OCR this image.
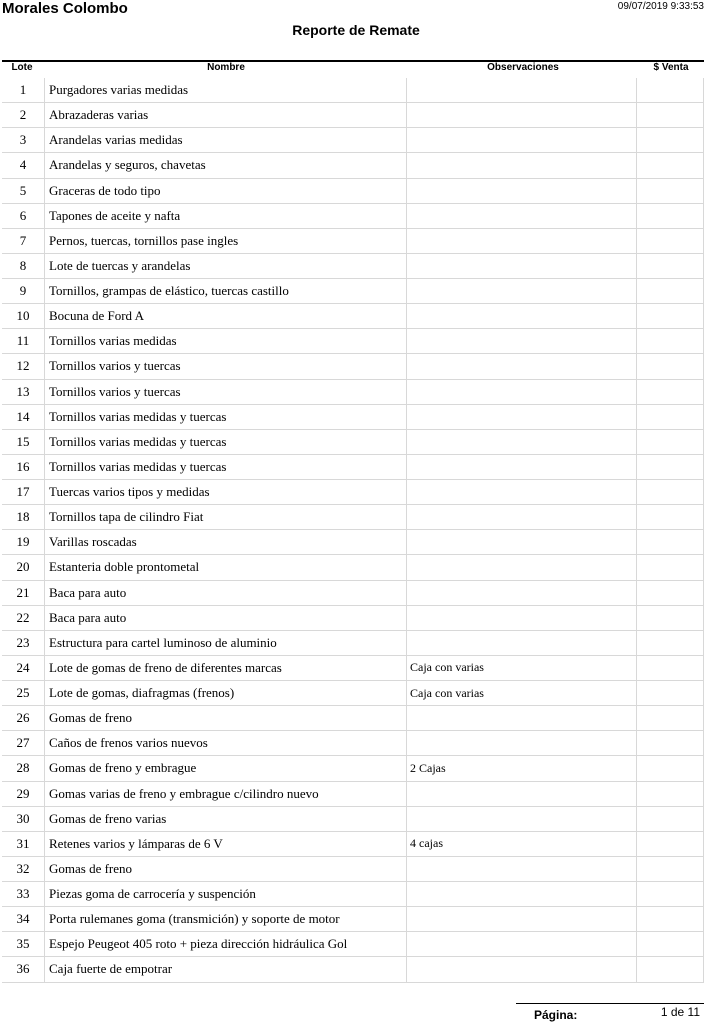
Morales Colombo	09/07/2019 9:33:53
Reporte de Remate
Lote	Nombre	Observaciones	$ Venta
1	Purgadores varias medidas
2	Abrazaderas varias
3	Arandelas varias medidas
4	Arandelas y seguros, chavetas
5	Graceras de todo tipo
6	Tapones de aceite y nafta
7	Pernos, tuercas, tornillos pase ingles
8	Lote de tuercas y arandelas
9	Tornillos, grampas de elástico, tuercas castillo
10	Bocuna de Ford A
11	Tornillos varias medidas
12	Tornillos varios y tuercas
13	Tornillos varios y tuercas
14	Tornillos varias medidas y tuercas
15	Tornillos varias medidas y tuercas
16	Tornillos varias medidas y tuercas
17	Tuercas varios tipos y medidas
18	Tornillos tapa de cilindro Fiat
19	Varillas roscadas
20	Estanteria doble prontometal
21	Baca para auto
22	Baca para auto
23	Estructura para cartel luminoso de aluminio
24	Lote de gomas de freno de diferentes marcas	Caja con varias
25	Lote de gomas, diafragmas (frenos)	Caja con varias
26	Gomas de freno
27	Caños de frenos varios nuevos
28	Gomas de freno y embrague	2 Cajas
29	Gomas varias de freno y embrague c/cilindro nuevo
30	Gomas de freno varias
31	Retenes varios y lámparas de 6 V	4 cajas
32	Gomas de freno
33	Piezas goma de carrocería y suspención
34	Porta rulemanes goma (transmición) y soporte de motor
35	Espejo Peugeot 405 roto + pieza dirección hidráulica Gol
36	Caja fuerte de empotrar
Página:	1 de 11
